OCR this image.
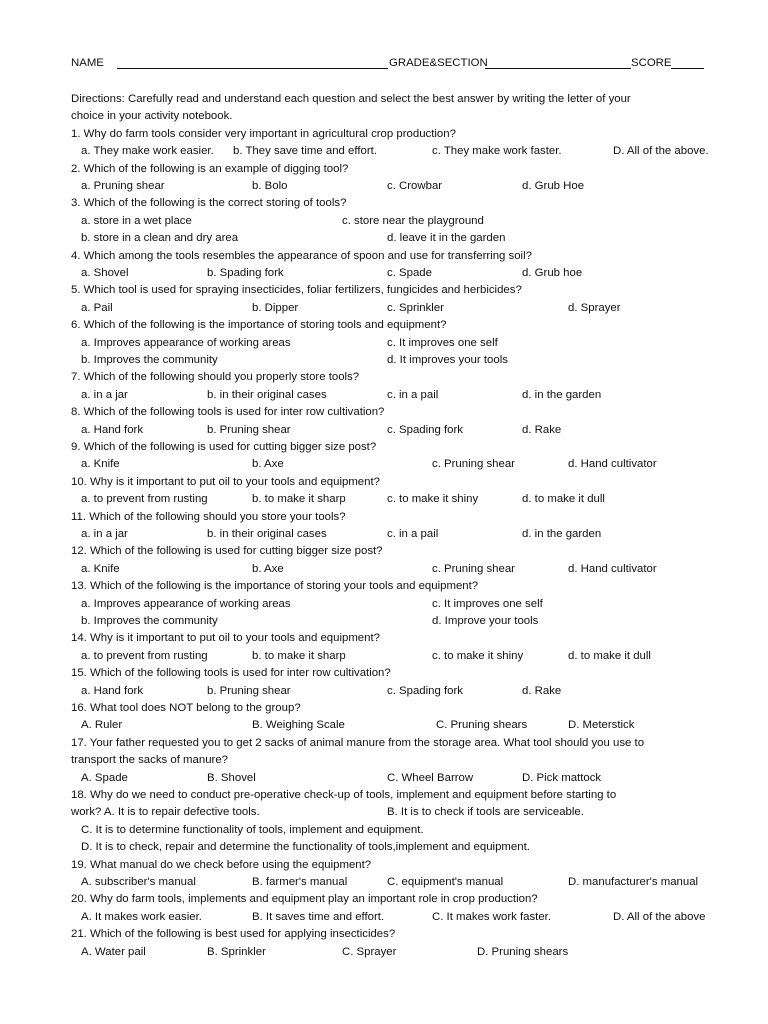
NAME	GRADE&SECTION	SCORE
Directions: Carefully read and understand each question and select the best answer by writing the letter of your
choice in your activity notebook.
1. Why do farm tools consider very important in agricultural crop production?
a. They make work easier. b. They save time and effort.	c. They make work faster.	D. All of the above.
2. Which of the following is an example of digging tool?
a. Pruning shear	b. Bolo	c. Crowbar	d. Grub Hoe
3. Which of the following is the correct storing of tools?
a. store in a wet place	c. store near the playground
b. store in a clean and dry area	d. leave it in the garden
4. Which among the tools resembles the appearance of spoon and use for transferring soil?
a. Shovel	b. Spading fork	c. Spade	d. Grub hoe
5. Which tool is used for spraying insecticides, foliar fertilizers, fungicides and herbicides?
a. Pail	b. Dipper	c. Sprinkler	d. Sprayer
6. Which of the following is the importance of storing tools and equipment?
a. Improves appearance of working areas	c. It improves one self
b. Improves the community	d. It improves your tools
7. Which of the following should you properly store tools?
a. in a jar	b. in their original cases	c. in a pail	d. in the garden
8. Which of the following tools is used for inter row cultivation?
a. Hand fork	b. Pruning shear	c. Spading fork	d. Rake
9. Which of the following is used for cutting bigger size post?
a. Knife	b. Axe	c. Pruning shear	d. Hand cultivator
10. Why is it important to put oil to your tools and equipment?
a. to prevent from rusting	b. to make it sharp	c. to make it shiny	d. to make it dull
11. Which of the following should you store your tools?
a. in a jar	b. in their original cases	c. in a pail	d. in the garden
12. Which of the following is used for cutting bigger size post?
a. Knife	b. Axe	c. Pruning shear	d. Hand cultivator
13. Which of the following is the importance of storing your tools and equipment?
a. Improves appearance of working areas	c. It improves one self
b. Improves the community	d. Improve your tools
14. Why is it important to put oil to your tools and equipment?
a. to prevent from rusting	b. to make it sharp	c. to make it shiny	d. to make it dull
15. Which of the following tools is used for inter row cultivation?
a. Hand fork	b. Pruning shear	c. Spading fork	d. Rake
16. What tool does NOT belong to the group?
A. Ruler	B. Weighing Scale	C. Pruning shears	D. Meterstick
17. Your father requested you to get 2 sacks of animal manure from the storage area. What tool should you use to
transport the sacks of manure?
A. Spade	B. Shovel	C. Wheel Barrow	D. Pick mattock
18. Why do we need to conduct pre-operative check-up of tools, implement and equipment before starting to
work? A. It is to repair defective tools.	B. It is to check if tools are serviceable.
C. It is to determine functionality of tools, implement and equipment.
D. It is to check, repair and determine the functionality of tools,implement and equipment.
19. What manual do we check before using the equipment?
A. subscriber's manual	B. farmer's manual	C. equipment's manual	D. manufacturer's manual
20. Why do farm tools, implements and equipment play an important role in crop production?
A. It makes work easier.	B. It saves time and effort.	C. It makes work faster.	D. All of the above
21. Which of the following is best used for applying insecticides?
A. Water pail	B. Sprinkler	C. Sprayer	D. Pruning shears
